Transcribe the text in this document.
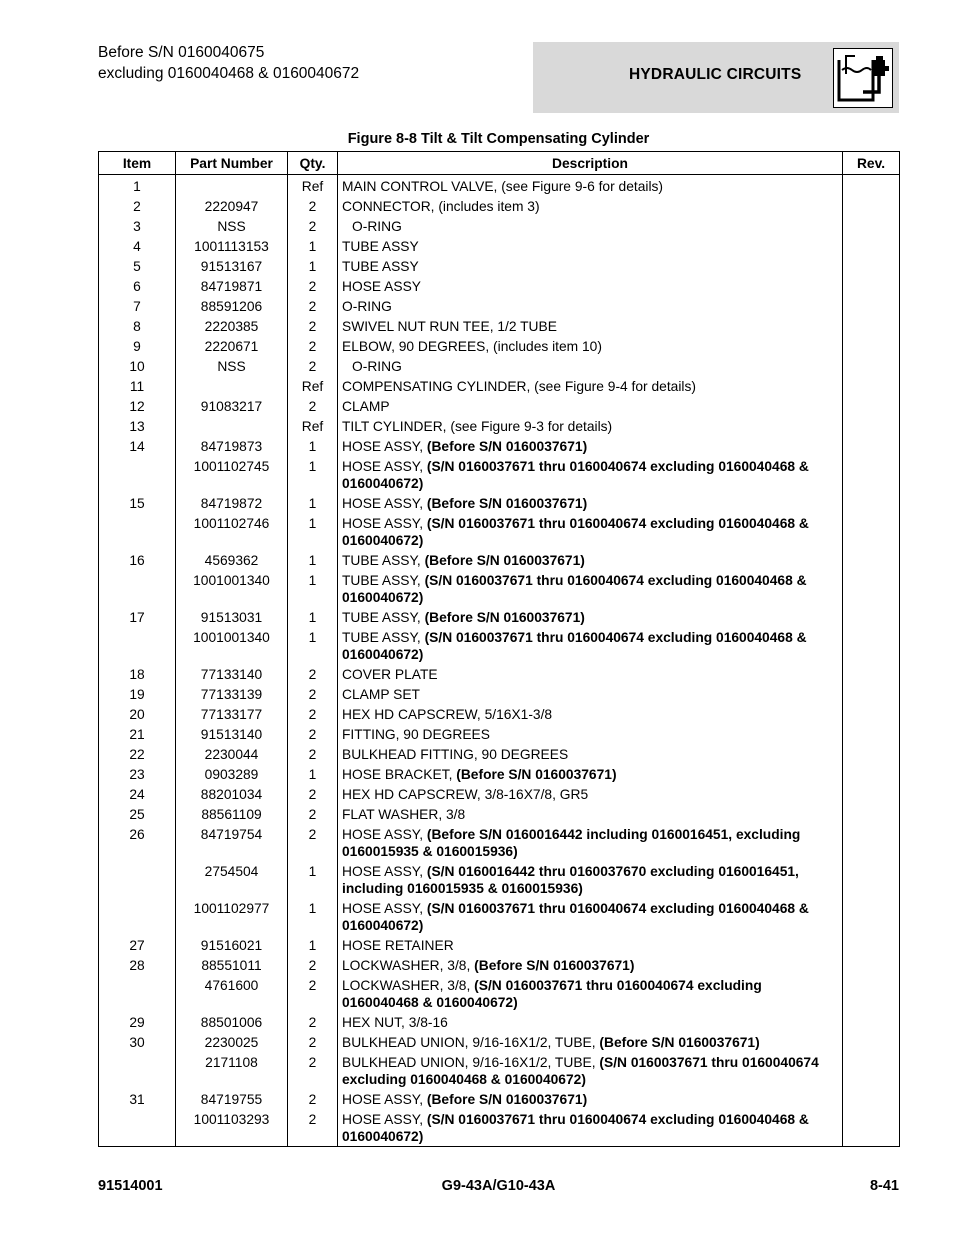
Before S/N 0160040675
excluding 0160040468 & 0160040672	HYDRAULIC CIRCUITS
Figure 8-8 Tilt & Tilt Compensating Cylinder
Item	Part Number	Qty.	Description	Rev.
1		Ref	MAIN CONTROL VALVE, (see Figure 9-6 for details)	
2	2220947	2	CONNECTOR, (includes item 3)	
3	NSS	2	O-RING	
4	1001113153	1	TUBE ASSY	
5	91513167	1	TUBE ASSY	
6	84719871	2	HOSE ASSY	
7	88591206	2	O-RING	
8	2220385	2	SWIVEL NUT RUN TEE, 1/2 TUBE	
9	2220671	2	ELBOW, 90 DEGREES, (includes item 10)	
10	NSS	2	O-RING	
11		Ref	COMPENSATING CYLINDER, (see Figure 9-4 for details)	
12	91083217	2	CLAMP	
13		Ref	TILT CYLINDER, (see Figure 9-3 for details)	
14	84719873	1	HOSE ASSY, (Before S/N 0160037671)	
	1001102745	1	HOSE ASSY, (S/N 0160037671 thru 0160040674 excluding 0160040468 & 0160040672)	
15	84719872	1	HOSE ASSY, (Before S/N 0160037671)	
	1001102746	1	HOSE ASSY, (S/N 0160037671 thru 0160040674 excluding 0160040468 & 0160040672)	
16	4569362	1	TUBE ASSY, (Before S/N 0160037671)	
	1001001340	1	TUBE ASSY, (S/N 0160037671 thru 0160040674 excluding 0160040468 & 0160040672)	
17	91513031	1	TUBE ASSY, (Before S/N 0160037671)	
	1001001340	1	TUBE ASSY, (S/N 0160037671 thru 0160040674 excluding 0160040468 & 0160040672)	
18	77133140	2	COVER PLATE	
19	77133139	2	CLAMP SET	
20	77133177	2	HEX HD CAPSCREW, 5/16X1-3/8	
21	91513140	2	FITTING, 90 DEGREES	
22	2230044	2	BULKHEAD FITTING, 90 DEGREES	
23	0903289	1	HOSE BRACKET, (Before S/N 0160037671)	
24	88201034	2	HEX HD CAPSCREW, 3/8-16X7/8, GR5	
25	88561109	2	FLAT WASHER, 3/8	
26	84719754	2	HOSE ASSY, (Before S/N 0160016442 including 0160016451, excluding 0160015935 & 0160015936)	
	2754504	1	HOSE ASSY, (S/N 0160016442 thru 0160037670 excluding 0160016451, including 0160015935 & 0160015936)	
	1001102977	1	HOSE ASSY, (S/N 0160037671 thru 0160040674 excluding 0160040468 & 0160040672)	
27	91516021	1	HOSE RETAINER	
28	88551011	2	LOCKWASHER, 3/8, (Before S/N 0160037671)	
	4761600	2	LOCKWASHER, 3/8, (S/N 0160037671 thru 0160040674 excluding 0160040468 & 0160040672)	
29	88501006	2	HEX NUT, 3/8-16	
30	2230025	2	BULKHEAD UNION, 9/16-16X1/2, TUBE, (Before S/N 0160037671)	
	2171108	2	BULKHEAD UNION, 9/16-16X1/2, TUBE, (S/N 0160037671 thru 0160040674 excluding 0160040468 & 0160040672)	
31	84719755	2	HOSE ASSY, (Before S/N 0160037671)	
	1001103293	2	HOSE ASSY, (S/N 0160037671 thru 0160040674 excluding 0160040468 & 0160040672)	
91514001	G9-43A/G10-43A	8-41
